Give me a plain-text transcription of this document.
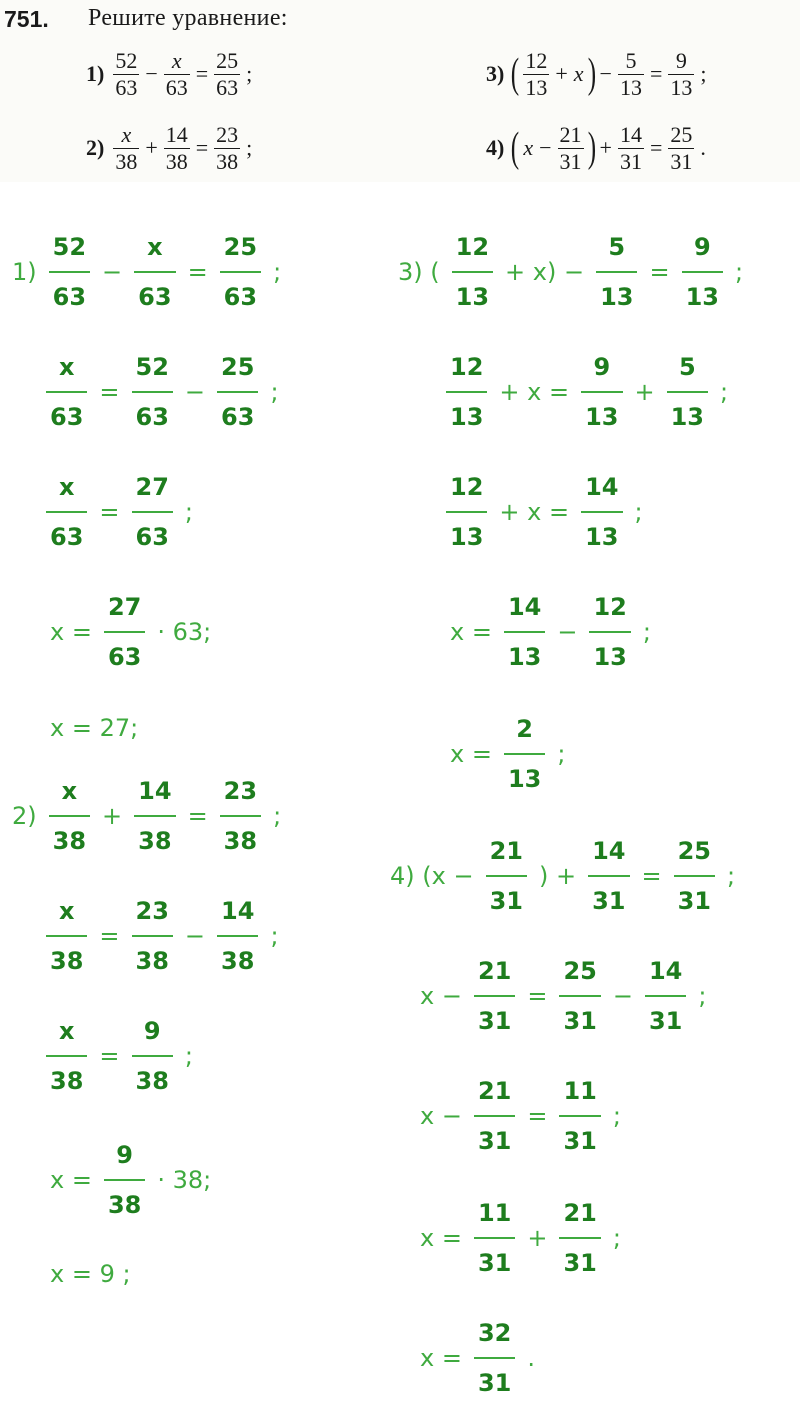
751. Решите уравнение:
$1) \frac{52}{63} - \frac{x}{63} = \frac{25}{63}$ ;
$2) \frac{x}{38} + \frac{14}{38} = \frac{23}{38}$ ;
3) ( $\frac{12}{13} + x$ ) − $\frac{5}{13} = \frac{9}{13}$ ;
4) ( $x - \frac{21}{31}$ ) + $\frac{14}{31} = \frac{25}{31}$ .
1)
52
63
−
x
63
=
25
63
;
x
63
=
52
63
−
25
63
;
x
63
=
27
63
;
x =
27
63
· 63;
x = 27;
2)
x
38
+
14
38
=
23
38
;
x
38
=
23
38
−
14
38
;
x
38
=
9
38
;
x =
9
38
· 38;
x = 9 ;
3) (
12
13
+ x) −
5
13
=
9
13
;
12
13
+ x =
9
13
+
5
13
;
12
13
+ x =
14
13
;
x =
14
13
−
12
13
;
x =
2
13
;
4) (x −
21
31
) +
14
31
=
25
31
;
x −
21
31
=
25
31
−
14
31
;
x −
21
31
=
11
31
;
x =
11
31
+
21
31
;
x =
32
31
.
